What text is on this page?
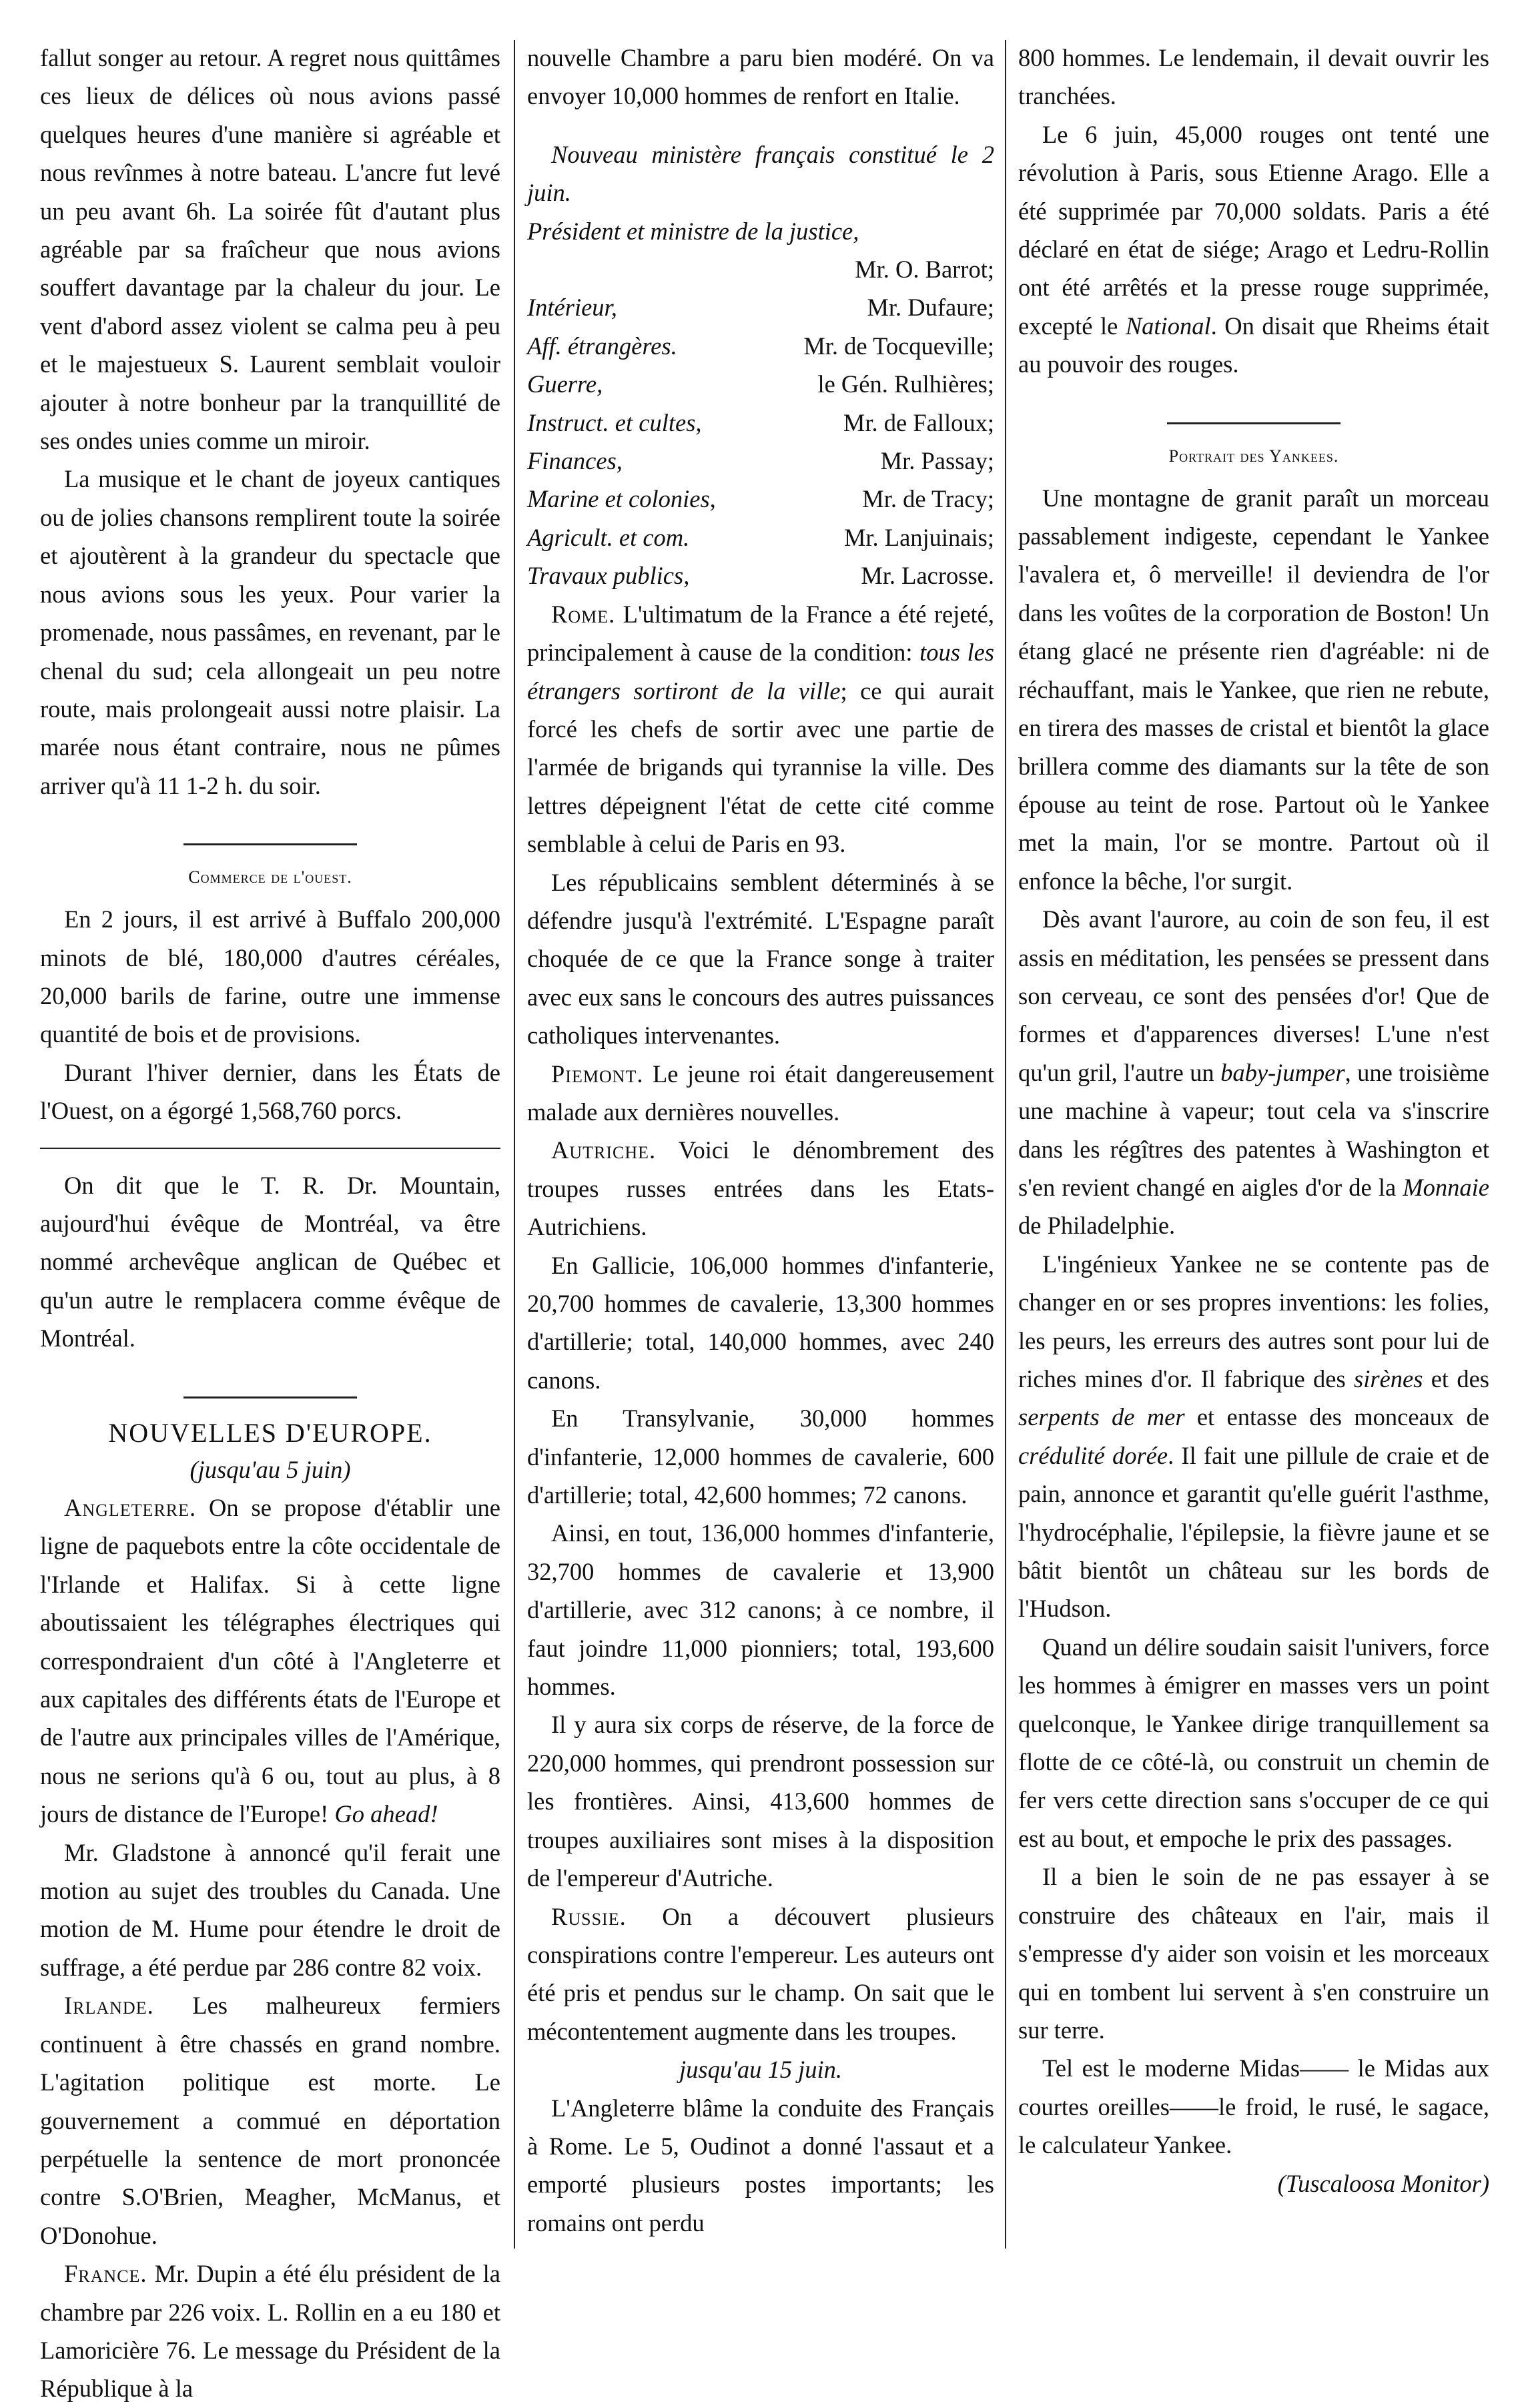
fallut songer au retour. A regret nous quittâmes ces lieux de délices où nous avions passé quelques heures d'une manière si agréable et nous revînmes à notre bateau. L'ancre fut levé un peu avant 6h. La soirée fût d'autant plus agréable par sa fraîcheur que nous avions souffert davantage par la chaleur du jour. Le vent d'abord assez violent se calma peu à peu et le majestueux S. Laurent semblait vouloir ajouter à notre bonheur par la tranquillité de ses ondes unies comme un miroir.

La musique et le chant de joyeux cantiques ou de jolies chansons remplirent toute la soirée et ajoutèrent à la grandeur du spectacle que nous avions sous les yeux. Pour varier la promenade, nous passâmes, en revenant, par le chenal du sud; cela allongeait un peu notre route, mais prolongeait aussi notre plaisir. La marée nous étant contraire, nous ne pûmes arriver qu'à 11 1-2 h. du soir.

Commerce de l'ouest.

En 2 jours, il est arrivé à Buffalo 200,000 minots de blé, 180,000 d'autres céréales, 20,000 barils de farine, outre une immense quantité de bois et de provisions.

Durant l'hiver dernier, dans les États de l'Ouest, on a égorgé 1,568,760 porcs.

On dit que le T. R. Dr. Mountain, aujourd'hui évêque de Montréal, va être nommé archevêque anglican de Québec et qu'un autre le remplacera comme évêque de Montréal.

NOUVELLES D'EUROPE.

(jusqu'au 5 juin)

Angleterre. On se propose d'établir une ligne de paquebots entre la côte occidentale de l'Irlande et Halifax. Si à cette ligne aboutissaient les télégraphes électriques qui correspondraient d'un côté à l'Angleterre et aux capitales des différents états de l'Europe et de l'autre aux principales villes de l'Amérique, nous ne serions qu'à 6 ou, tout au plus, à 8 jours de distance de l'Europe! Go ahead!

Mr. Gladstone à annoncé qu'il ferait une motion au sujet des troubles du Canada. Une motion de M. Hume pour étendre le droit de suffrage, a été perdue par 286 contre 82 voix.

Irlande. Les malheureux fermiers continuent à être chassés en grand nombre. L'agitation politique est morte. Le gouvernement a commué en déportation perpétuelle la sentence de mort prononcée contre S.O'Brien, Meagher, McManus, et O'Donohue.

France. Mr. Dupin a été élu président de la chambre par 226 voix. L. Rollin en a eu 180 et Lamoricière 76. Le message du Président de la République à la

nouvelle Chambre a paru bien modéré. On va envoyer 10,000 hommes de renfort en Italie.

Nouveau ministère français constitué le 2 juin.

Président et ministre de la justice,
Mr. O. Barrot;
Intérieur,	Mr. Dufaure;
Aff. étrangères.	Mr. de Tocqueville;
Guerre,	le Gén. Rulhières;
Instruct. et cultes,	Mr. de Falloux;
Finances,	Mr. Passay;
Marine et colonies,	Mr. de Tracy;
Agricult. et com.	Mr. Lanjuinais;
Travaux publics,	Mr. Lacrosse.

Rome. L'ultimatum de la France a été rejeté, principalement à cause de la condition: tous les étrangers sortiront de la ville; ce qui aurait forcé les chefs de sortir avec une partie de l'armée de brigands qui tyrannise la ville. Des lettres dépeignent l'état de cette cité comme semblable à celui de Paris en 93.

Les républicains semblent déterminés à se défendre jusqu'à l'extrémité. L'Espagne paraît choquée de ce que la France songe à traiter avec eux sans le concours des autres puissances catholiques intervenantes.

Piemont. Le jeune roi était dangereusement malade aux dernières nouvelles.

Autriche. Voici le dénombrement des troupes russes entrées dans les Etats-Autrichiens.

En Gallicie, 106,000 hommes d'infanterie, 20,700 hommes de cavalerie, 13,300 hommes d'artillerie; total, 140,000 hommes, avec 240 canons.

En Transylvanie, 30,000 hommes d'infanterie, 12,000 hommes de cavalerie, 600 d'artillerie; total, 42,600 hommes; 72 canons.

Ainsi, en tout, 136,000 hommes d'infanterie, 32,700 hommes de cavalerie et 13,900 d'artillerie, avec 312 canons; à ce nombre, il faut joindre 11,000 pionniers; total, 193,600 hommes.

Il y aura six corps de réserve, de la force de 220,000 hommes, qui prendront possession sur les frontières. Ainsi, 413,600 hommes de troupes auxiliaires sont mises à la disposition de l'empereur d'Autriche.

Russie. On a découvert plusieurs conspirations contre l'empereur. Les auteurs ont été pris et pendus sur le champ. On sait que le mécontentement augmente dans les troupes.

jusqu'au 15 juin.

L'Angleterre blâme la conduite des Français à Rome. Le 5, Oudinot a donné l'assaut et a emporté plusieurs postes importants; les romains ont perdu

800 hommes. Le lendemain, il devait ouvrir les tranchées.

Le 6 juin, 45,000 rouges ont tenté une révolution à Paris, sous Etienne Arago. Elle a été supprimée par 70,000 soldats. Paris a été déclaré en état de siége; Arago et Ledru-Rollin ont été arrêtés et la presse rouge supprimée, excepté le National. On disait que Rheims était au pouvoir des rouges.

Portrait des Yankees.

Une montagne de granit paraît un morceau passablement indigeste, cependant le Yankee l'avalera et, ô merveille! il deviendra de l'or dans les voûtes de la corporation de Boston! Un étang glacé ne présente rien d'agréable: ni de réchauffant, mais le Yankee, que rien ne rebute, en tirera des masses de cristal et bientôt la glace brillera comme des diamants sur la tête de son épouse au teint de rose. Partout où le Yankee met la main, l'or se montre. Partout où il enfonce la bêche, l'or surgit.

Dès avant l'aurore, au coin de son feu, il est assis en méditation, les pensées se pressent dans son cerveau, ce sont des pensées d'or! Que de formes et d'apparences diverses! L'une n'est qu'un gril, l'autre un baby-jumper, une troisième une machine à vapeur; tout cela va s'inscrire dans les régîtres des patentes à Washington et s'en revient changé en aigles d'or de la Monnaie de Philadelphie.

L'ingénieux Yankee ne se contente pas de changer en or ses propres inventions: les folies, les peurs, les erreurs des autres sont pour lui de riches mines d'or. Il fabrique des sirènes et des serpents de mer et entasse des monceaux de crédulité dorée. Il fait une pillule de craie et de pain, annonce et garantit qu'elle guérit l'asthme, l'hydrocéphalie, l'épilepsie, la fièvre jaune et se bâtit bientôt un château sur les bords de l'Hudson.

Quand un délire soudain saisit l'univers, force les hommes à émigrer en masses vers un point quelconque, le Yankee dirige tranquillement sa flotte de ce côté-là, ou construit un chemin de fer vers cette direction sans s'occuper de ce qui est au bout, et empoche le prix des passages.

Il a bien le soin de ne pas essayer à se construire des châteaux en l'air, mais il s'empresse d'y aider son voisin et les morceaux qui en tombent lui servent à s'en construire un sur terre.

Tel est le moderne Midas—— le Midas aux courtes oreilles——le froid, le rusé, le sagace, le calculateur Yankee.

(Tuscaloosa Monitor)
